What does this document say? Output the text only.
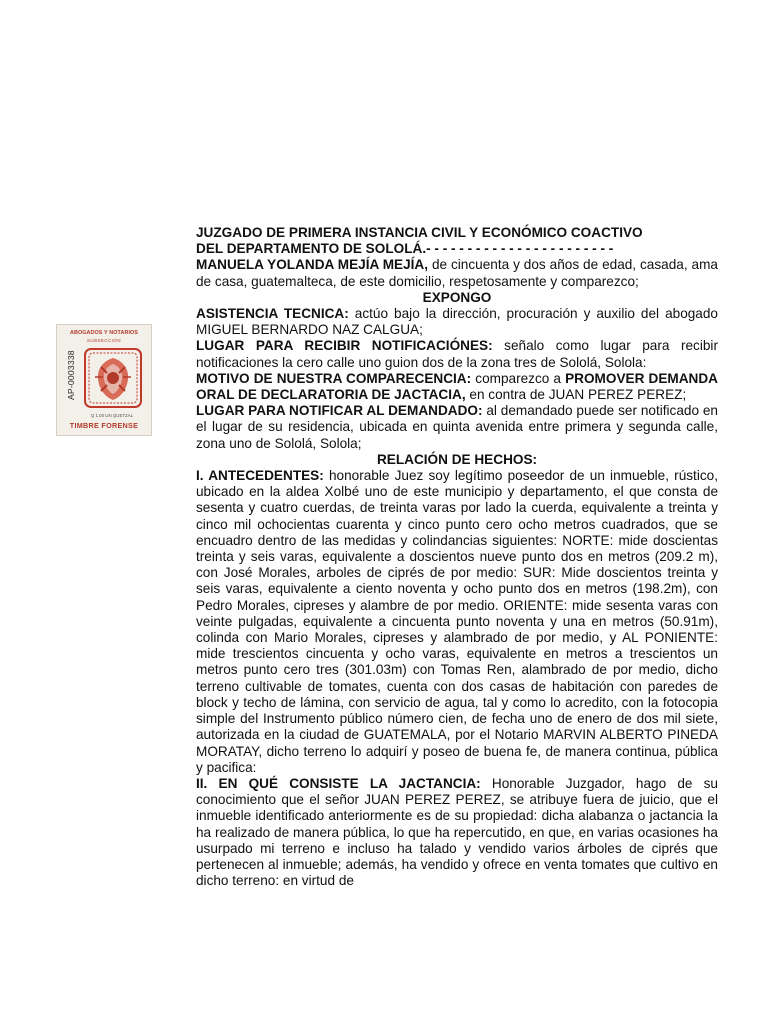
ABOGADOS Y NOTARIOS
SUBSECCIÓN
AP-0003338
Q 1.00 UN QUETZAL
TIMBRE FORENSE

JUZGADO DE PRIMERA INSTANCIA CIVIL Y ECONÓMICO COACTIVO
DEL DEPARTAMENTO DE SOLOLÁ.- - - - - - - - - - - - - - - - - - - - - - -

MANUELA YOLANDA MEJÍA MEJÍA, de cincuenta y dos años de edad, casada, ama de casa, guatemalteca, de este domicilio, respetosamente y comparezco;

EXPONGO

ASISTENCIA TECNICA: actúo bajo la dirección, procuración y auxilio del abogado MIGUEL BERNARDO NAZ CALGUA;

LUGAR PARA RECIBIR NOTIFICACIÓNES: señalo como lugar para recibir notificaciones la cero calle uno guion dos de la zona tres de Sololá, Solola:

MOTIVO DE NUESTRA COMPARECENCIA: comparezco a PROMOVER DEMANDA ORAL DE DECLARATORIA DE JACTACIA, en contra de JUAN PEREZ PEREZ;

LUGAR PARA NOTIFICAR AL DEMANDADO: al demandado puede ser notificado en el lugar de su residencia, ubicada en quinta avenida entre primera y segunda calle, zona uno de Sololá, Solola;

RELACIÓN DE HECHOS:

I. ANTECEDENTES: honorable Juez soy legítimo poseedor de un inmueble, rústico, ubicado en la aldea Xolbé uno de este municipio y departamento, el que consta de sesenta y cuatro cuerdas, de treinta varas por lado la cuerda, equivalente a treinta y cinco mil ochocientas cuarenta y cinco punto cero ocho metros cuadrados, que se encuadro dentro de las medidas y colindancias siguientes: NORTE: mide doscientas treinta y seis varas, equivalente a doscientos nueve punto dos en metros (209.2 m), con José Morales, arboles de ciprés de por medio: SUR: Mide doscientos treinta y seis varas, equivalente a ciento noventa y ocho punto dos en metros (198.2m), con Pedro Morales, cipreses y alambre de por medio. ORIENTE: mide sesenta varas con veinte pulgadas, equivalente a cincuenta punto noventa y una en metros (50.91m), colinda con Mario Morales, cipreses y alambrado de por medio, y AL PONIENTE: mide trescientos cincuenta y ocho varas, equivalente en metros a trescientos un metros punto cero tres (301.03m) con Tomas Ren, alambrado de por medio, dicho terreno cultivable de tomates, cuenta con dos casas de habitación con paredes de block y techo de lámina, con servicio de agua, tal y como lo acredito, con la fotocopia simple del Instrumento público número cien, de fecha uno de enero de dos mil siete, autorizada en la ciudad de GUATEMALA, por el Notario MARVIN ALBERTO PINEDA MORATAY, dicho terreno lo adquirí y poseo de buena fe, de manera continua, pública y pacifica:

II. EN QUÉ CONSISTE LA JACTANCIA: Honorable Juzgador, hago de su conocimiento que el señor JUAN PEREZ PEREZ, se atribuye fuera de juicio, que el inmueble identificado anteriormente es de su propiedad: dicha alabanza o jactancia la ha realizado de manera pública, lo que ha repercutido, en que, en varias ocasiones ha usurpado mi terreno e incluso ha talado y vendido varios árboles de ciprés que pertenecen al inmueble; además, ha vendido y ofrece en venta tomates que cultivo en dicho terreno: en virtud de
